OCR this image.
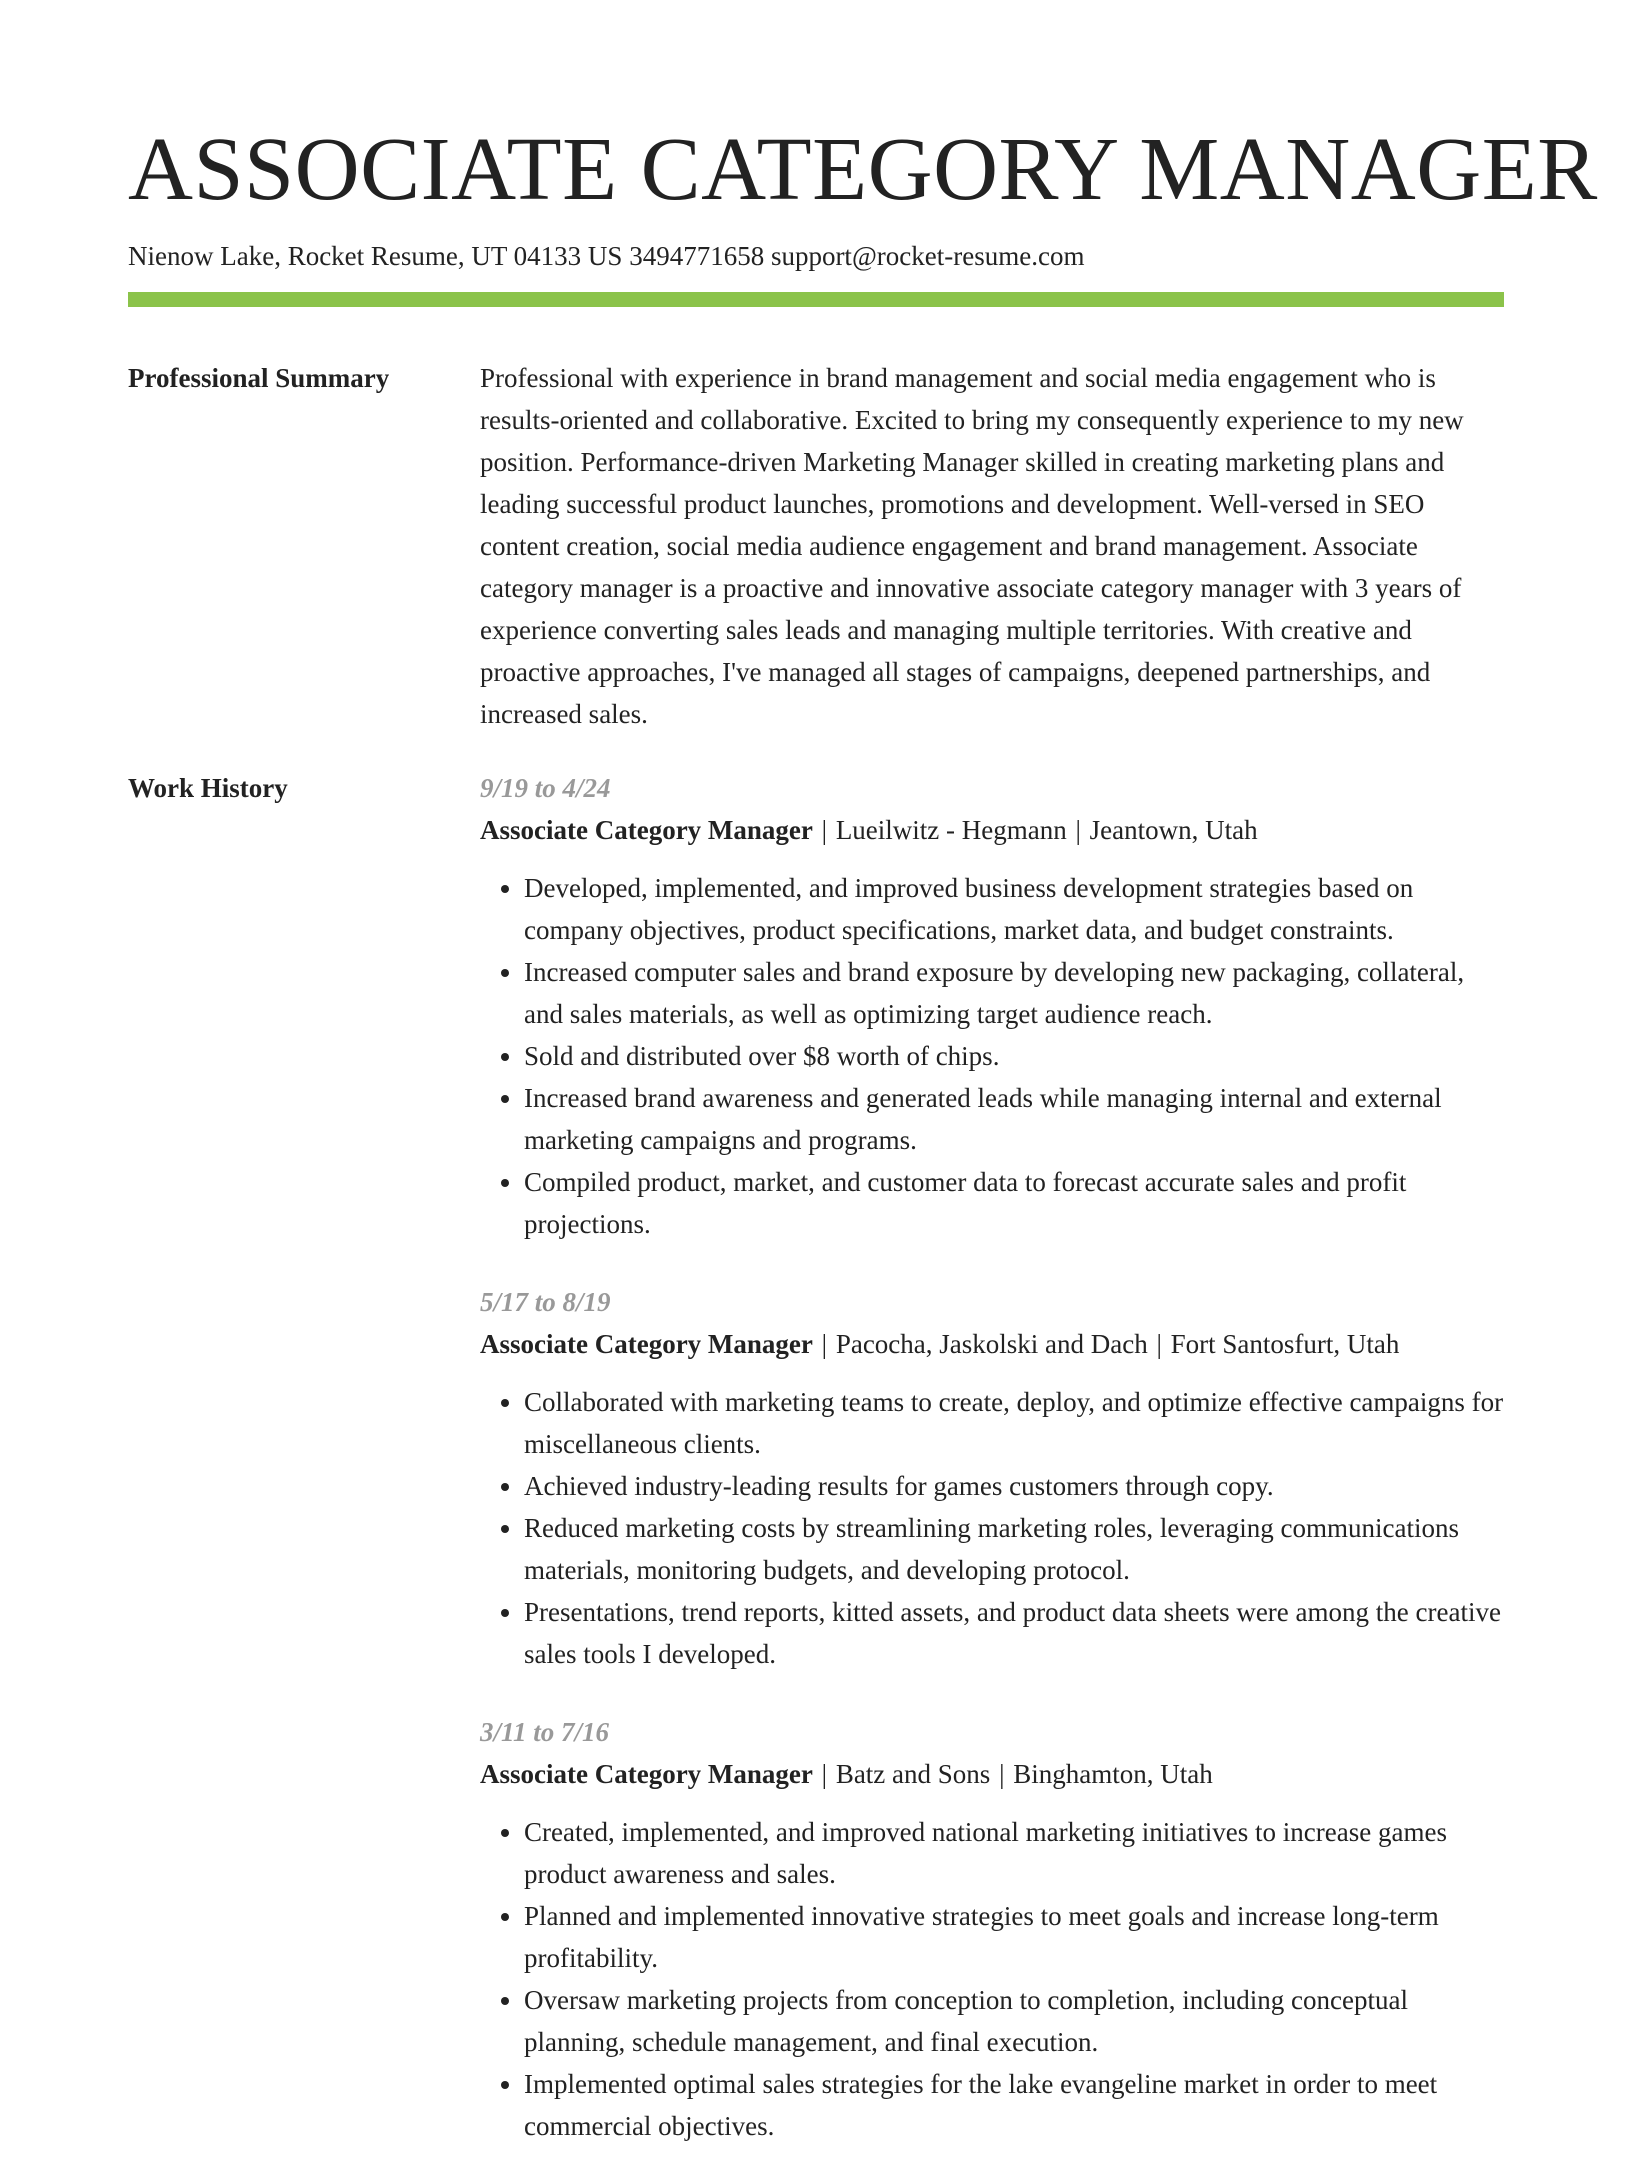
ASSOCIATE CATEGORY MANAGER
Nienow Lake, Rocket Resume, UT 04133 US 3494771658 support@rocket-resume.com
Professional Summary	Professional with experience in brand management and social media engagement who is results-oriented and collaborative. Excited to bring my consequently experience to my new position. Performance-driven Marketing Manager skilled in creating marketing plans and leading successful product launches, promotions and development. Well-versed in SEO content creation, social media audience engagement and brand management. Associate category manager is a proactive and innovative associate category manager with 3 years of experience converting sales leads and managing multiple territories. With creative and proactive approaches, I've managed all stages of campaigns, deepened partnerships, and increased sales.

Work History	9/19 to 4/24
Associate Category Manager | Lueilwitz - Hegmann | Jeantown, Utah
• Developed, implemented, and improved business development strategies based on company objectives, product specifications, market data, and budget constraints.
• Increased computer sales and brand exposure by developing new packaging, collateral, and sales materials, as well as optimizing target audience reach.
• Sold and distributed over $8 worth of chips.
• Increased brand awareness and generated leads while managing internal and external marketing campaigns and programs.
• Compiled product, market, and customer data to forecast accurate sales and profit projections.
5/17 to 8/19
Associate Category Manager | Pacocha, Jaskolski and Dach | Fort Santosfurt, Utah
• Collaborated with marketing teams to create, deploy, and optimize effective campaigns for miscellaneous clients.
• Achieved industry-leading results for games customers through copy.
• Reduced marketing costs by streamlining marketing roles, leveraging communications materials, monitoring budgets, and developing protocol.
• Presentations, trend reports, kitted assets, and product data sheets were among the creative sales tools I developed.
3/11 to 7/16
Associate Category Manager | Batz and Sons | Binghamton, Utah
• Created, implemented, and improved national marketing initiatives to increase games product awareness and sales.
• Planned and implemented innovative strategies to meet goals and increase long-term profitability.
• Oversaw marketing projects from conception to completion, including conceptual planning, schedule management, and final execution.
• Implemented optimal sales strategies for the lake evangeline market in order to meet commercial objectives.
